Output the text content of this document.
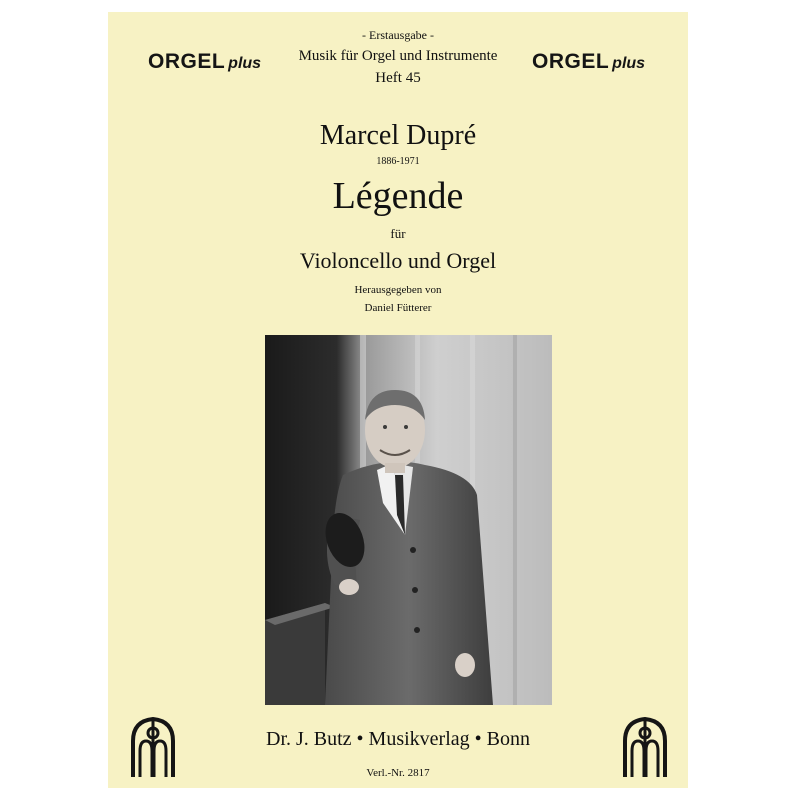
ORGEL plus	ORGEL plus
- Erstausgabe -
Musik für Orgel und Instrumente
Heft 45
Marcel Dupré
1886-1971
Légende
für
Violoncello und Orgel
Herausgegeben von
Daniel Fütterer
Dr. J. Butz • Musikverlag • Bonn
Verl.-Nr. 2817
